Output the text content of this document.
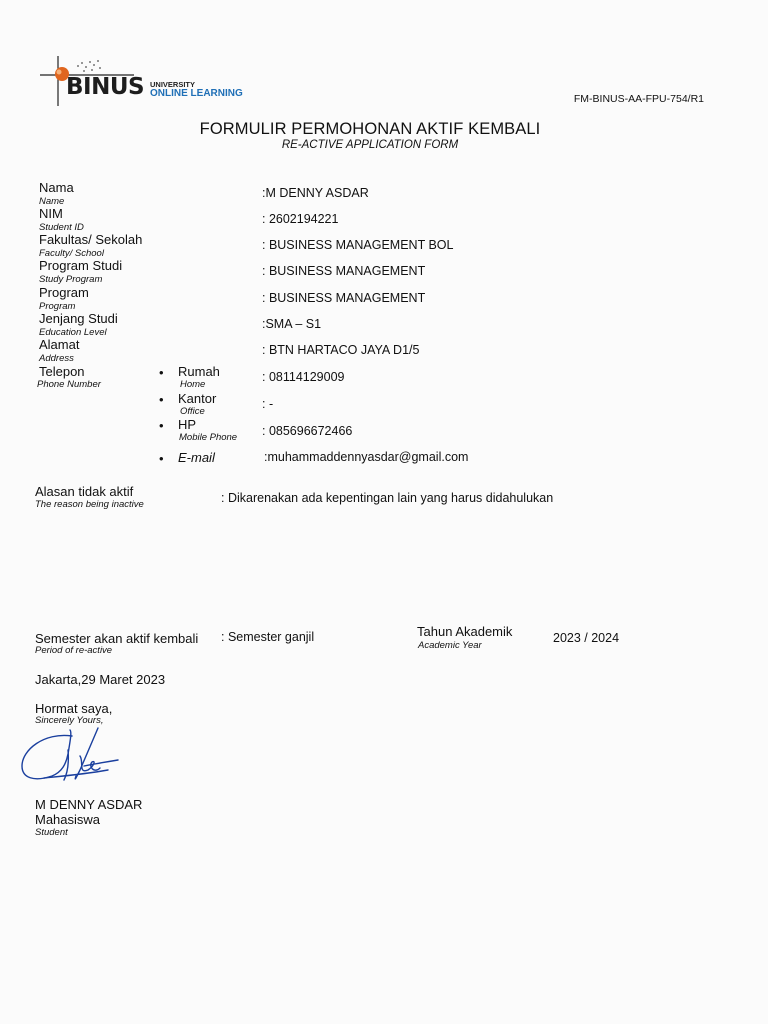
BINUS UNIVERSITY
ONLINE LEARNING	FM-BINUS-AA-FPU-754/R1
FORMULIR PERMOHONAN AKTIF KEMBALI
RE-ACTIVE APPLICATION FORM
Nama
Name
:M DENNY ASDAR
NIM
Student ID
: 2602194221
Fakultas/ Sekolah
Faculty/ School
: BUSINESS MANAGEMENT BOL
Program Studi
Study Program
: BUSINESS MANAGEMENT
Program
Program
: BUSINESS MANAGEMENT
Jenjang Studi
Education Level
:SMA – S1
Alamat
Address
: BTN HARTACO JAYA D1/5
Telepon
Phone Number
• Rumah
Home
: 08114129009
• Kantor
Office
: -
• HP
Mobile Phone : 085696672466
• E-mail	:muhammaddennyasdar@gmail.com
Alasan tidak aktif
The reason being inactive	: Dikarenakan ada kepentingan lain yang harus didahulukan
Semester akan aktif kembali
Period of re-active
: Semester ganjil	Tahun Akademik
Academic Year
2023 / 2024
Jakarta,29 Maret 2023
Hormat saya,
Sincerely Yours,
M DENNY ASDAR
Mahasiswa
Student
